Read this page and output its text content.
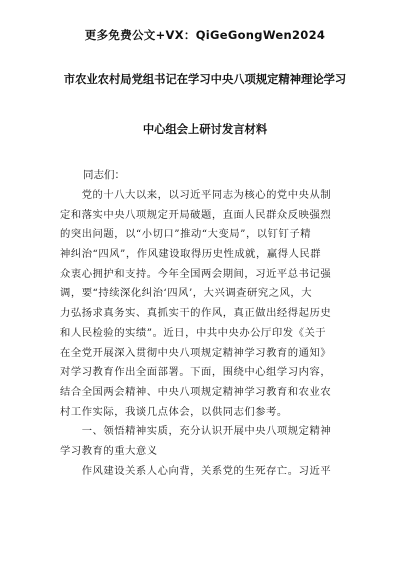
更多免费公文+VX：QiGeGongWen2024
市农业农村局党组书记在学习中央八项规定精神理论学习
中心组会上研讨发言材料
同志们：
　　党的十八大以来，以习近平同志为核心的党中央从制
定和落实中央八项规定开局破题，直面人民群众反映强烈
的突出问题，以“小切口”推动“大变局”，以钉钉子精
神纠治“四风”，作风建设取得历史性成就，赢得人民群
众衷心拥护和支持。今年全国两会期间，习近平总书记强
调，要“持续深化纠治‘四风’，大兴调查研究之风，大
力弘扬求真务实、真抓实干的作风，真正做出经得起历史
和人民检验的实绩”。近日，中共中央办公厅印发《关于
在全党开展深入贯彻中央八项规定精神学习教育的通知》
对学习教育作出全面部署。下面，围绕中心组学习内容，
结合全国两会精神、中央八项规定精神学习教育和农业农
村工作实际，我谈几点体会，以供同志们参考。
　　一、领悟精神实质，充分认识开展中央八项规定精神
学习教育的重大意义
　　作风建设关系人心向背，关系党的生死存亡。习近平
